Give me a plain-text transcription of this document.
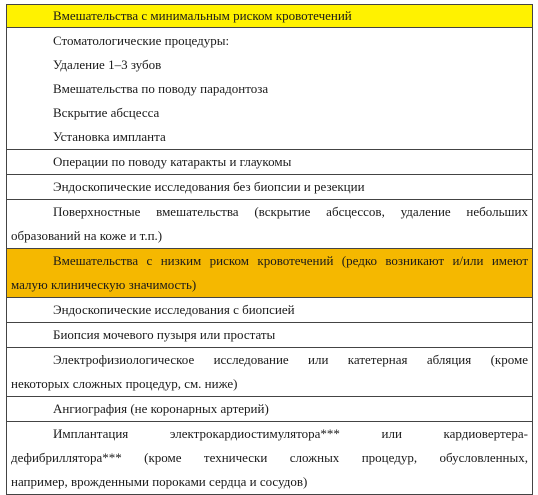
Вмешательства с минимальным риском кровотечений
Стоматологические процедуры:
Удаление 1–3 зубов
Вмешательства по поводу парадонтоза
Вскрытие абсцесса
Установка импланта
Операции по поводу катаракты и глаукомы
Эндоскопические исследования без биопсии и резекции
Поверхностные вмешательства (вскрытие абсцессов, удаление небольших
образований на коже и т.п.)
Вмешательства с низким риском кровотечений (редко возникают и/или имеют
малую клиническую значимость)
Эндоскопические исследования с биопсией
Биопсия мочевого пузыря или простаты
Электрофизиологическое исследование или катетерная абляция (кроме
некоторых сложных процедур, см. ниже)
Ангиография (не коронарных артерий)
Имплантация электрокардиостимулятора*** или кардиовертера-
дефибриллятора*** (кроме технически сложных процедур, обусловленных,
например, врожденными пороками сердца и сосудов)
